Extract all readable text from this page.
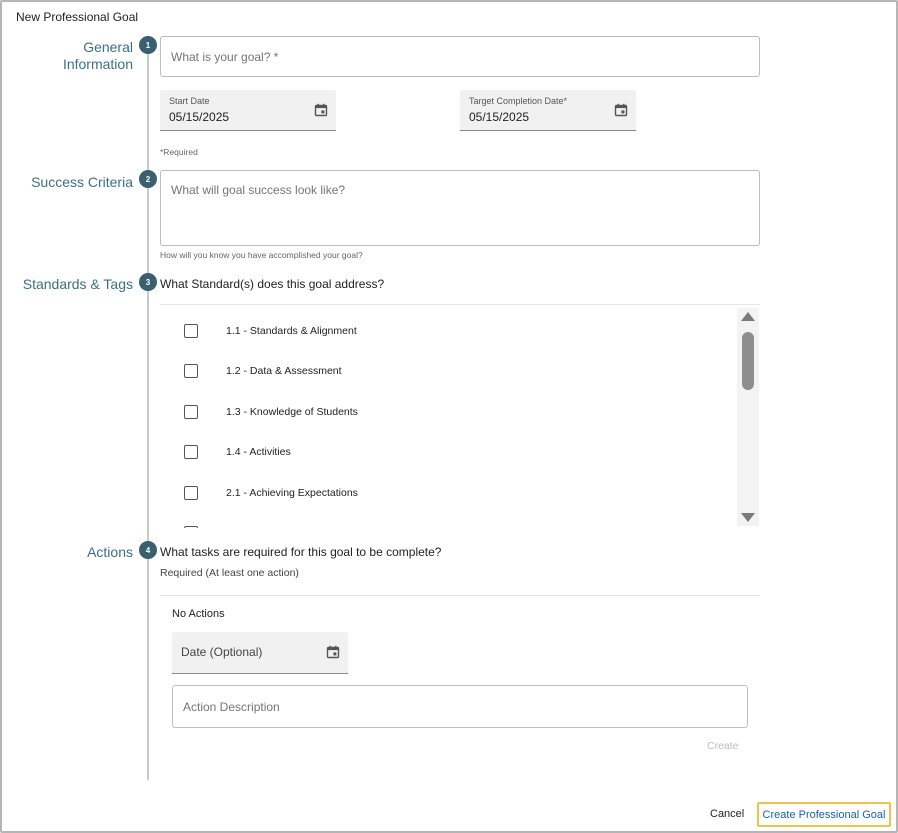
New Professional Goal
General
Information
1
What is your goal? *
Start Date
05/15/2025
Target Completion Date*
05/15/2025
*Required
Success Criteria	2
What will goal success look like?
How will you know you have accomplished your goal?
Standards & Tags	3 What Standard(s) does this goal address?
1.1 - Standards & Alignment
1.2 - Data & Assessment
1.3 - Knowledge of Students
1.4 - Activities
2.1 - Achieving Expectations
Actions	4 What tasks are required for this goal to be complete?
Required (At least one action)
No Actions
Date (Optional)
Action Description
Create
Cancel	Create Professional Goal
